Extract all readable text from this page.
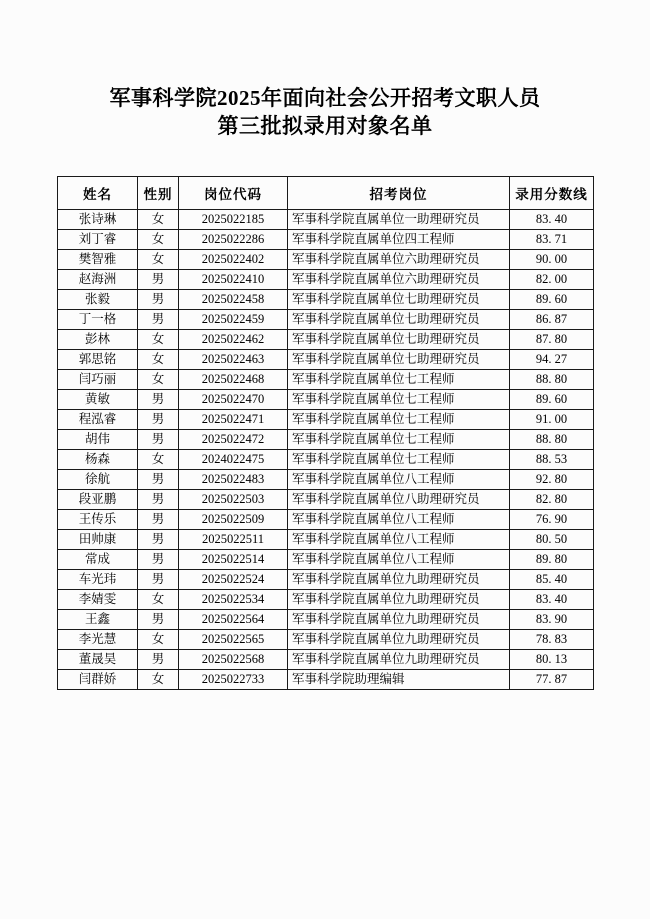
军事科学院2025年面向社会公开招考文职人员
第三批拟录用对象名单
姓名	性别	岗位代码	招考岗位	录用分数线
张诗琳	女	2025022185	军事科学院直属单位一助理研究员	83. 40
刘丁睿	女	2025022286	军事科学院直属单位四工程师	83. 71
樊智雅	女	2025022402	军事科学院直属单位六助理研究员	90. 00
赵海洲	男	2025022410	军事科学院直属单位六助理研究员	82. 00
张毅	男	2025022458	军事科学院直属单位七助理研究员	89. 60
丁一格	男	2025022459	军事科学院直属单位七助理研究员	86. 87
彭林	女	2025022462	军事科学院直属单位七助理研究员	87. 80
郭思铭	女	2025022463	军事科学院直属单位七助理研究员	94. 27
闫巧丽	女	2025022468	军事科学院直属单位七工程师	88. 80
黄敏	男	2025022470	军事科学院直属单位七工程师	89. 60
程泓睿	男	2025022471	军事科学院直属单位七工程师	91. 00
胡伟	男	2025022472	军事科学院直属单位七工程师	88. 80
杨森	女	2024022475	军事科学院直属单位七工程师	88. 53
徐航	男	2025022483	军事科学院直属单位八工程师	92. 80
段亚鹏	男	2025022503	军事科学院直属单位八助理研究员	82. 80
王传乐	男	2025022509	军事科学院直属单位八工程师	76. 90
田帅康	男	2025022511	军事科学院直属单位八工程师	80. 50
常成	男	2025022514	军事科学院直属单位八工程师	89. 80
车光玮	男	2025022524	军事科学院直属单位九助理研究员	85. 40
李婧雯	女	2025022534	军事科学院直属单位九助理研究员	83. 40
王鑫	男	2025022564	军事科学院直属单位九助理研究员	83. 90
李光慧	女	2025022565	军事科学院直属单位九助理研究员	78. 83
董晟昊	男	2025022568	军事科学院直属单位九助理研究员	80. 13
闫群娇	女	2025022733	军事科学院助理编辑	77. 87
